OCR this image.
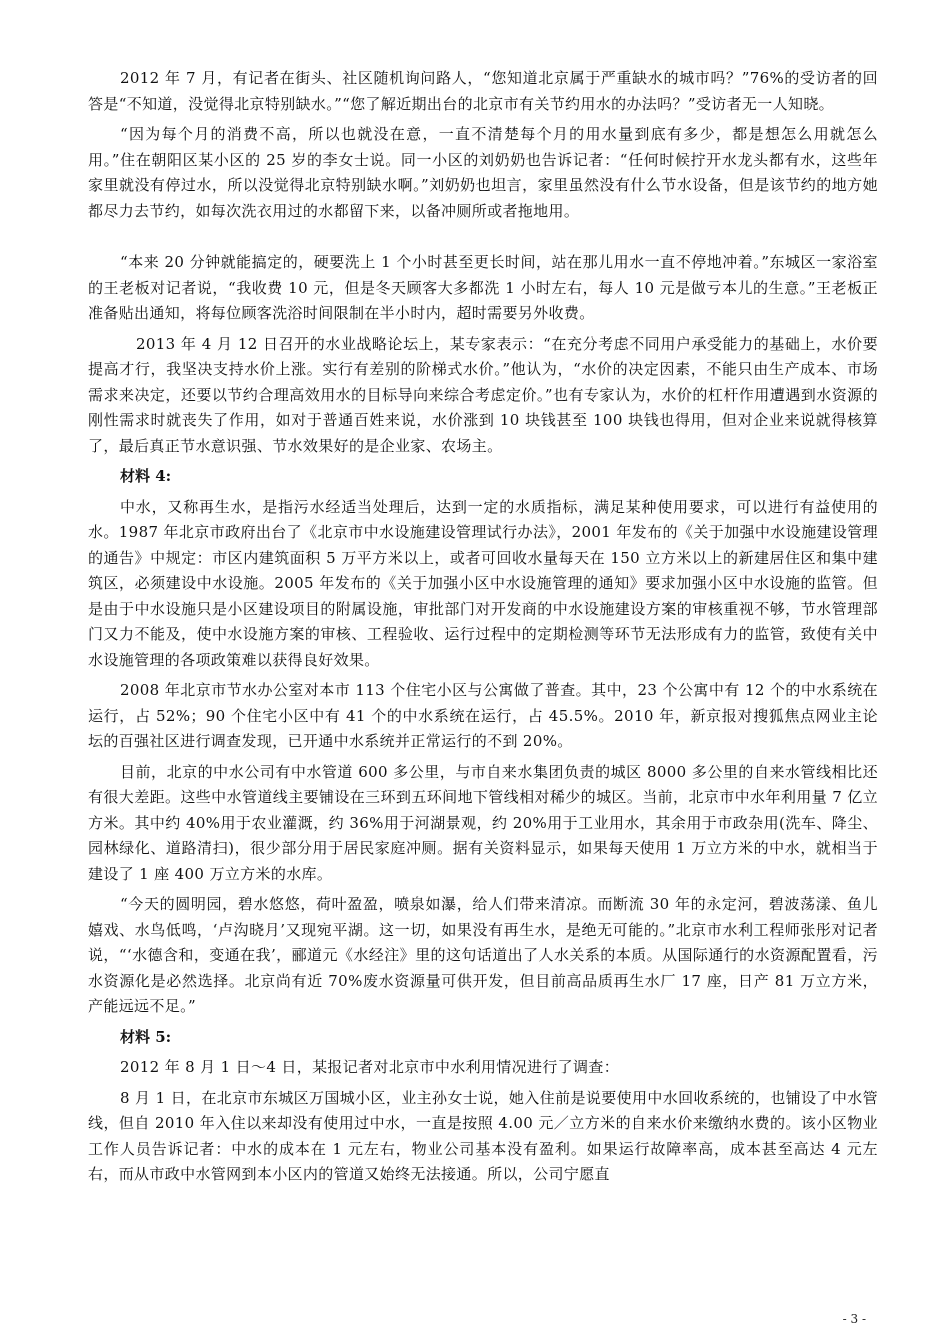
2012 年 7 月，有记者在街头、社区随机询问路人，“您知道北京属于严重缺水的城市吗？”76%的受访者的回答是“不知道，没觉得北京特别缺水。”“您了解近期出台的北京市有关节约用水的办法吗？”受访者无一人知晓。

“因为每个月的消费不高，所以也就没在意，一直不清楚每个月的用水量到底有多少，都是想怎么用就怎么用。”住在朝阳区某小区的 25 岁的李女士说。同一小区的刘奶奶也告诉记者：“任何时候拧开水龙头都有水，这些年家里就没有停过水，所以没觉得北京特别缺水啊。”刘奶奶也坦言，家里虽然没有什么节水设备，但是该节约的地方她都尽力去节约，如每次洗衣用过的水都留下来，以备冲厕所或者拖地用。

“本来 20 分钟就能搞定的，硬要洗上 1 个小时甚至更长时间，站在那儿用水一直不停地冲着。”东城区一家浴室的王老板对记者说，“我收费 10 元，但是冬天顾客大多都洗 1 小时左右，每人 10 元是做亏本儿的生意。”王老板正准备贴出通知，将每位顾客洗浴时间限制在半小时内，超时需要另外收费。

2013 年 4 月 12 日召开的水业战略论坛上，某专家表示：“在充分考虑不同用户承受能力的基础上，水价要提高才行，我坚决支持水价上涨。实行有差别的阶梯式水价。”他认为，“水价的决定因素，不能只由生产成本、市场需求来决定，还要以节约合理高效用水的目标导向来综合考虑定价。”也有专家认为，水价的杠杆作用遭遇到水资源的刚性需求时就丧失了作用，如对于普通百姓来说，水价涨到 10 块钱甚至 100 块钱也得用，但对企业来说就得核算了，最后真正节水意识强、节水效果好的是企业家、农场主。

材料 4:

中水，又称再生水，是指污水经适当处理后，达到一定的水质指标，满足某种使用要求，可以进行有益使用的水。1987 年北京市政府出台了《北京市中水设施建设管理试行办法》，2001 年发布的《关于加强中水设施建设管理的通告》中规定：市区内建筑面积 5 万平方米以上，或者可回收水量每天在 150 立方米以上的新建居住区和集中建筑区，必须建设中水设施。2005 年发布的《关于加强小区中水设施管理的通知》要求加强小区中水设施的监管。但是由于中水设施只是小区建设项目的附属设施，审批部门对开发商的中水设施建设方案的审核重视不够，节水管理部门又力不能及，使中水设施方案的审核、工程验收、运行过程中的定期检测等环节无法形成有力的监管，致使有关中水设施管理的各项政策难以获得良好效果。

2008 年北京市节水办公室对本市 113 个住宅小区与公寓做了普查。其中，23 个公寓中有 12 个的中水系统在运行，占 52%；90 个住宅小区中有 41 个的中水系统在运行，占 45.5%。2010 年，新京报对搜狐焦点网业主论坛的百强社区进行调查发现，已开通中水系统并正常运行的不到 20%。

目前，北京的中水公司有中水管道 600 多公里，与市自来水集团负责的城区 8000 多公里的自来水管线相比还有很大差距。这些中水管道线主要铺设在三环到五环间地下管线相对稀少的城区。当前，北京市中水年利用量 7 亿立方米。其中约 40%用于农业灌溉，约 36%用于河湖景观，约 20%用于工业用水，其余用于市政杂用(洗车、降尘、园林绿化、道路清扫)，很少部分用于居民家庭冲厕。据有关资料显示，如果每天使用 1 万立方米的中水，就相当于建设了 1 座 400 万立方米的水库。

“今天的圆明园，碧水悠悠，荷叶盈盈，喷泉如瀑，给人们带来清凉。而断流 30 年的永定河，碧波荡漾、鱼儿嬉戏、水鸟低鸣，‘卢沟晓月’又现宛平湖。这一切，如果没有再生水，是绝无可能的。”北京市水利工程师张彤对记者说，“‘水德含和，变通在我’，郦道元《水经注》里的这句话道出了人水关系的本质。从国际通行的水资源配置看，污水资源化是必然选择。北京尚有近 70%废水资源量可供开发，但目前高品质再生水厂 17 座，日产 81 万立方米，产能远远不足。”

材料 5:

2012 年 8 月 1 日～4 日，某报记者对北京市中水利用情况进行了调查：

8 月 1 日，在北京市东城区万国城小区，业主孙女士说，她入住前是说要使用中水回收系统的，也铺设了中水管线，但自 2010 年入住以来却没有使用过中水，一直是按照 4.00 元／立方米的自来水价来缴纳水费的。该小区物业工作人员告诉记者：中水的成本在 1 元左右，物业公司基本没有盈利。如果运行故障率高，成本甚至高达 4 元左右，而从市政中水管网到本小区内的管道又始终无法接通。所以，公司宁愿直

- 3 -
